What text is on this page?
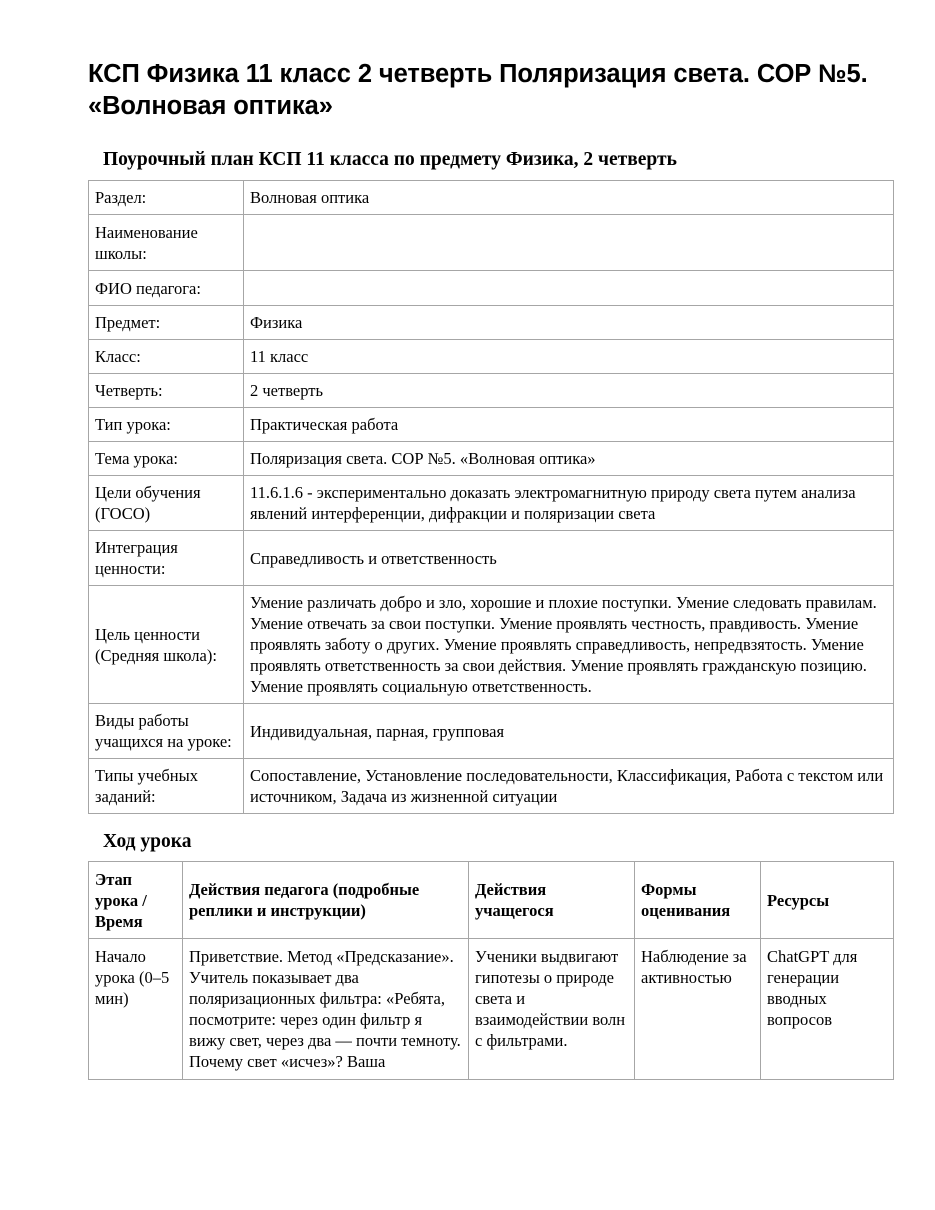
КСП Физика 11 класс 2 четверть Поляризация света. СОР №5. «Волновая оптика»
Поурочный план КСП 11 класса по предмету Физика, 2 четверть
Раздел:	Волновая оптика
Наименование школы:	
ФИО педагога:	
Предмет:	Физика
Класс:	11 класс
Четверть:	2 четверть
Тип урока:	Практическая работа
Тема урока:	Поляризация света. СОР №5. «Волновая оптика»
Цели обучения (ГОСО)	11.6.1.6 - экспериментально доказать электромагнитную природу света путем анализа явлений интерференции, дифракции и поляризации света
Интеграция ценности:	Справедливость и ответственность
Цель ценности (Средняя школа):	Умение различать добро и зло, хорошие и плохие поступки. Умение следовать правилам. Умение отвечать за свои поступки. Умение проявлять честность, правдивость. Умение проявлять заботу о других. Умение проявлять справедливость, непредвзятость. Умение проявлять ответственность за свои действия. Умение проявлять гражданскую позицию. Умение проявлять социальную ответственность.
Виды работы учащихся на уроке:	Индивидуальная, парная, групповая
Типы учебных заданий:	Сопоставление, Установление последовательности, Классификация, Работа с текстом или источником, Задача из жизненной ситуации
Ход урока
Этап урока / Время	Действия педагога (подробные реплики и инструкции)	Действия учащегося	Формы оценивания	Ресурсы
Начало урока (0–5 мин)	Приветствие. Метод «Предсказание». Учитель показывает два поляризационных фильтра: «Ребята, посмотрите: через один фильтр я вижу свет, через два — почти темноту. Почему свет «исчез»? Ваша	Ученики выдвигают гипотезы о природе света и взаимодействии волн с фильтрами.	Наблюдение за активностью	ChatGPT для генерации вводных вопросов
